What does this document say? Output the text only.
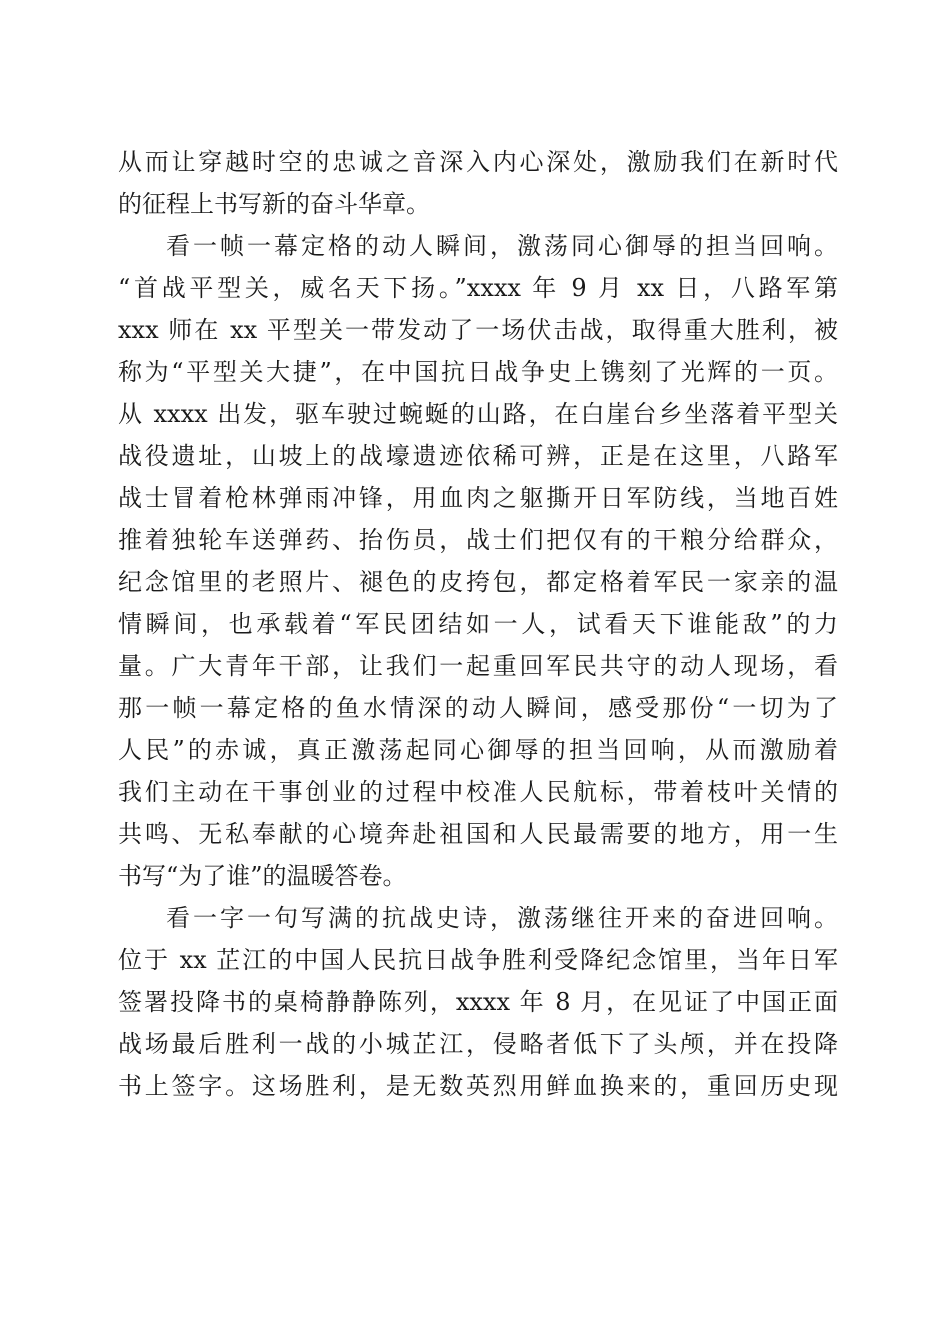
从而让穿越时空的忠诚之音深入内心深处，激励我们在新时代
的征程上书写新的奋斗华章。
看一帧一幕定格的动人瞬间，激荡同心御辱的担当回响。
“首战平型关，威名天下扬。”xxxx 年 9 月 xx 日，八路军第
xxx 师在 xx 平型关一带发动了一场伏击战，取得重大胜利，被
称为“平型关大捷”，在中国抗日战争史上镌刻了光辉的一页。
从 xxxx 出发，驱车驶过蜿蜒的山路，在白崖台乡坐落着平型关
战役遗址，山坡上的战壕遗迹依稀可辨，正是在这里，八路军
战士冒着枪林弹雨冲锋，用血肉之躯撕开日军防线，当地百姓
推着独轮车送弹药、抬伤员，战士们把仅有的干粮分给群众，
纪念馆里的老照片、褪色的皮挎包，都定格着军民一家亲的温
情瞬间，也承载着“军民团结如一人，试看天下谁能敌”的力
量。广大青年干部，让我们一起重回军民共守的动人现场，看
那一帧一幕定格的鱼水情深的动人瞬间，感受那份“一切为了
人民”的赤诚，真正激荡起同心御辱的担当回响，从而激励着
我们主动在干事创业的过程中校准人民航标，带着枝叶关情的
共鸣、无私奉献的心境奔赴祖国和人民最需要的地方，用一生
书写“为了谁”的温暖答卷。
看一字一句写满的抗战史诗，激荡继往开来的奋进回响。
位于 xx 芷江的中国人民抗日战争胜利受降纪念馆里，当年日军
签署投降书的桌椅静静陈列，xxxx 年 8 月，在见证了中国正面
战场最后胜利一战的小城芷江，侵略者低下了头颅，并在投降
书上签字。这场胜利，是无数英烈用鲜血换来的，重回历史现
